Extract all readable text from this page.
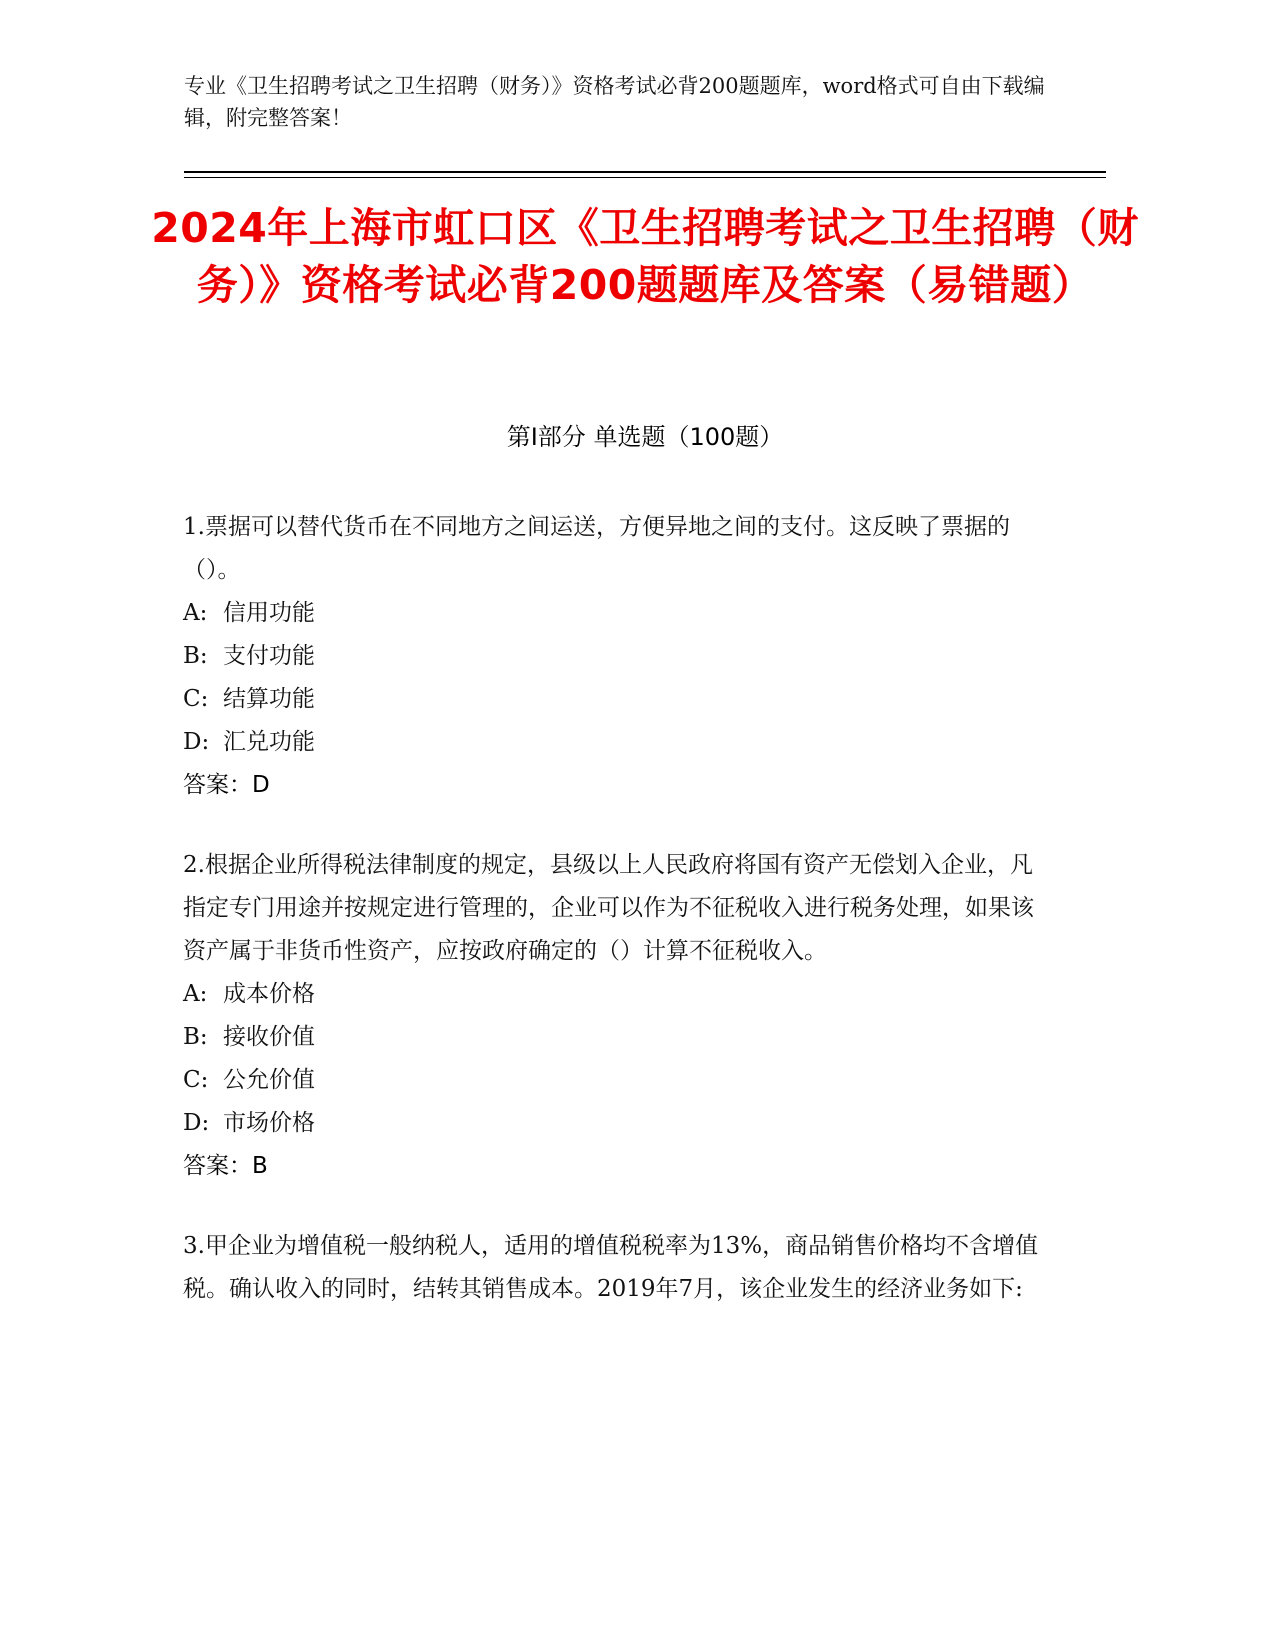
专业《卫生招聘考试之卫生招聘（财务）》资格考试必背200题题库，word格式可自由下载编辑，附完整答案！
2024年上海市虹口区《卫生招聘考试之卫生招聘（财务）》资格考试必背200题题库及答案（易错题）
第I部分 单选题（100题）

1.票据可以替代货币在不同地方之间运送，方便异地之间的支付。这反映了票据的（）。

A: 信用功能

B: 支付功能

C: 结算功能

D: 汇兑功能

答案：D

2.根据企业所得税法律制度的规定，县级以上人民政府将国有资产无偿划入企业，凡指定专门用途并按规定进行管理的，企业可以作为不征税收入进行税务处理，如果该资产属于非货币性资产，应按政府确定的（）计算不征税收入。

A: 成本价格

B: 接收价值

C: 公允价值

D: 市场价格

答案：B

3.甲企业为增值税一般纳税人，适用的增值税税率为13%，商品销售价格均不含增值税。确认收入的同时，结转其销售成本。2019年7月，该企业发生的经济业务如下:
